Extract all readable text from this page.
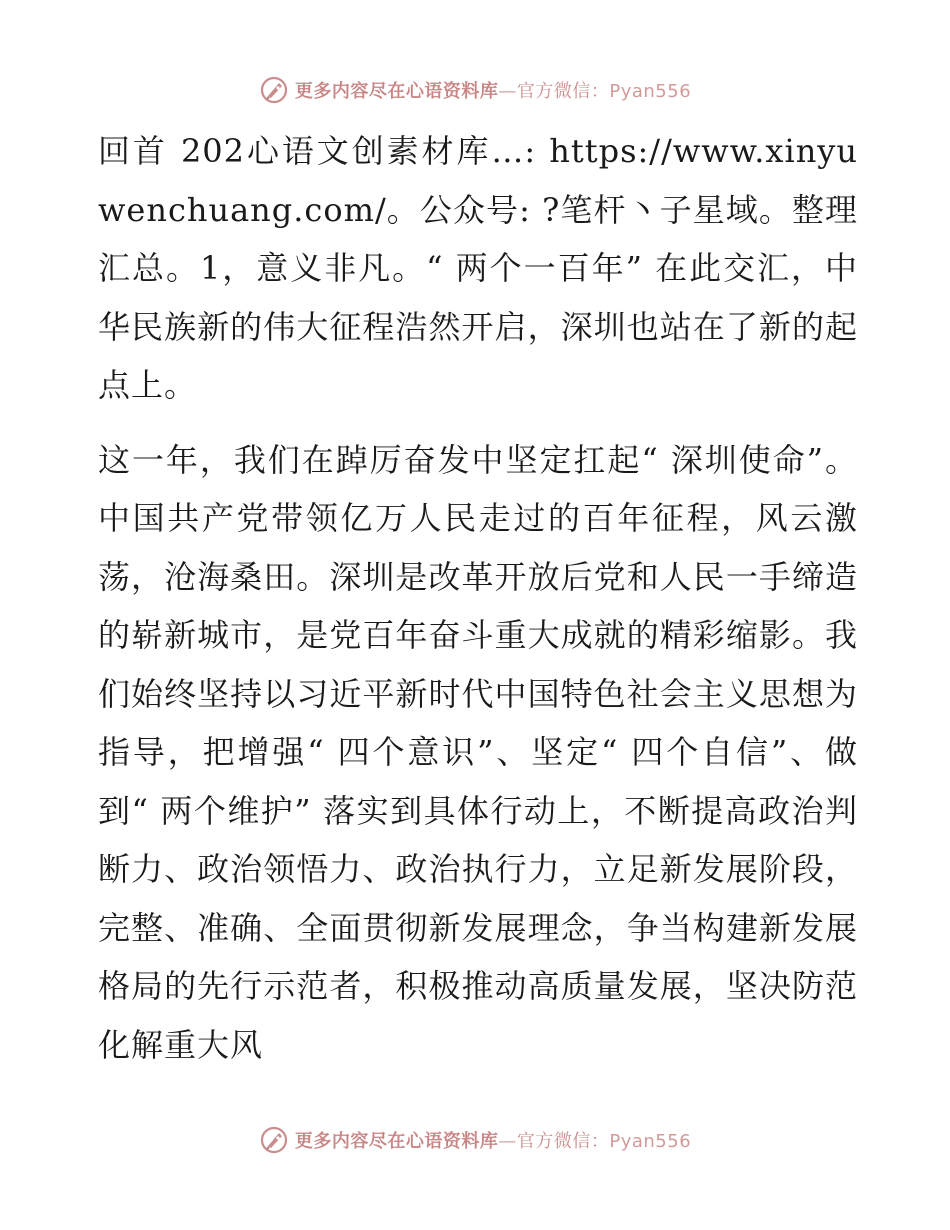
更多内容尽在心语资料库—官方微信：Pyan556

回首 202心语文创素材库…: https://www.xinyuwenchuang.com/。公众号: ?笔杆丶子星域。整理汇总。1，意义非凡。“ 两个一百年” 在此交汇，中华民族新的伟大征程浩然开启，深圳也站在了新的起点上。

这一年，我们在踔厉奋发中坚定扛起“ 深圳使命”。中国共产党带领亿万人民走过的百年征程，风云激荡，沧海桑田。深圳是改革开放后党和人民一手缔造的崭新城市，是党百年奋斗重大成就的精彩缩影。我们始终坚持以习近平新时代中国特色社会主义思想为指导，把增强“ 四个意识”、坚定“ 四个自信”、做到“ 两个维护” 落实到具体行动上，不断提高政治判断力、政治领悟力、政治执行力，立足新发展阶段，完整、准确、全面贯彻新发展理念，争当构建新发展格局的先行示范者，积极推动高质量发展，坚决防范化解重大风

更多内容尽在心语资料库—官方微信：Pyan556
